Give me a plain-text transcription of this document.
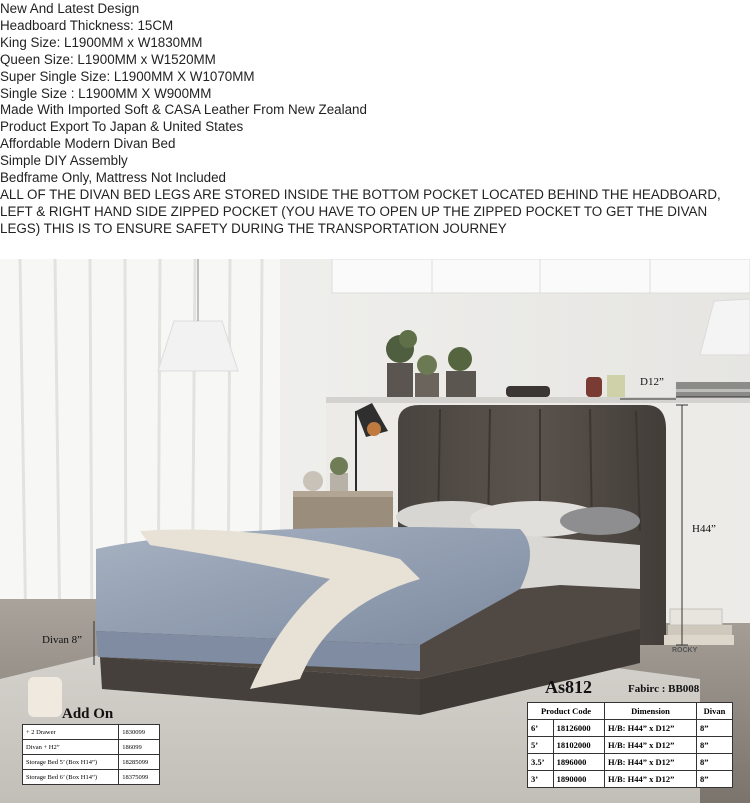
New And Latest Design
Headboard Thickness: 15CM
King Size: L1900MM x W1830MM
Queen Size: L1900MM x W1520MM
Super Single Size: L1900MM X W1070MM
Single Size : L1900MM X W900MM
Made With Imported Soft & CASA Leather From New Zealand
Product Export To Japan & United States
Affordable Modern Divan Bed
Simple DIY Assembly
Bedframe Only, Mattress Not Included
ALL OF THE DIVAN BED LEGS ARE STORED INSIDE THE BOTTOM POCKET LOCATED BEHIND THE HEADBOARD, LEFT & RIGHT HAND SIDE ZIPPED POCKET (YOU HAVE TO OPEN UP THE ZIPPED POCKET TO GET THE DIVAN LEGS) THIS IS TO ENSURE SAFETY DURING THE TRANSPORTATION JOURNEY
ROCKY
D12”
H44”
Divan 8”
Add On
+ 2 Drawer	1830099
Divan + H2”	186099
Storage Bed 5’ (Box H14”)	18285099
Storage Bed 6’ (Box H14”)	18375099
As812	Fabirc : BB008
Product Code		Dimension	Divan
6’	18126000	H/B: H44” x D12”	8”
5’	18102000	H/B: H44” x D12”	8”
3.5’	1896000	H/B: H44” x D12”	8”
3’	1890000	H/B: H44” x D12”	8”
